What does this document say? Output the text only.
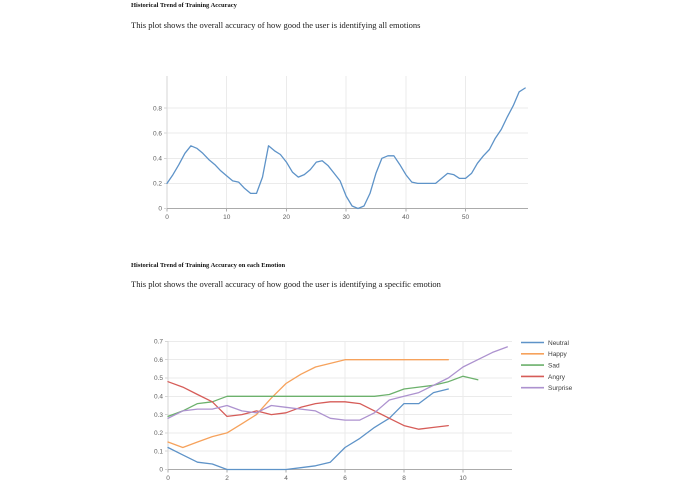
Historical Trend of Training Accuracy

This plot shows the overall accuracy of how good the user is identifying all emotions

0	10	20	30	40	50
0
0.2
0.4
0.6
0.8
Historical Trend of Training Accuracy on each Emotion

This plot shows the overall accuracy of how good the user is identifying a specific emotion

0	2	4	6	8	10
0
0.1
0.2
0.3
0.4
0.5
0.6
0.7	Neutral
Happy
Sad
Angry
Surprise
